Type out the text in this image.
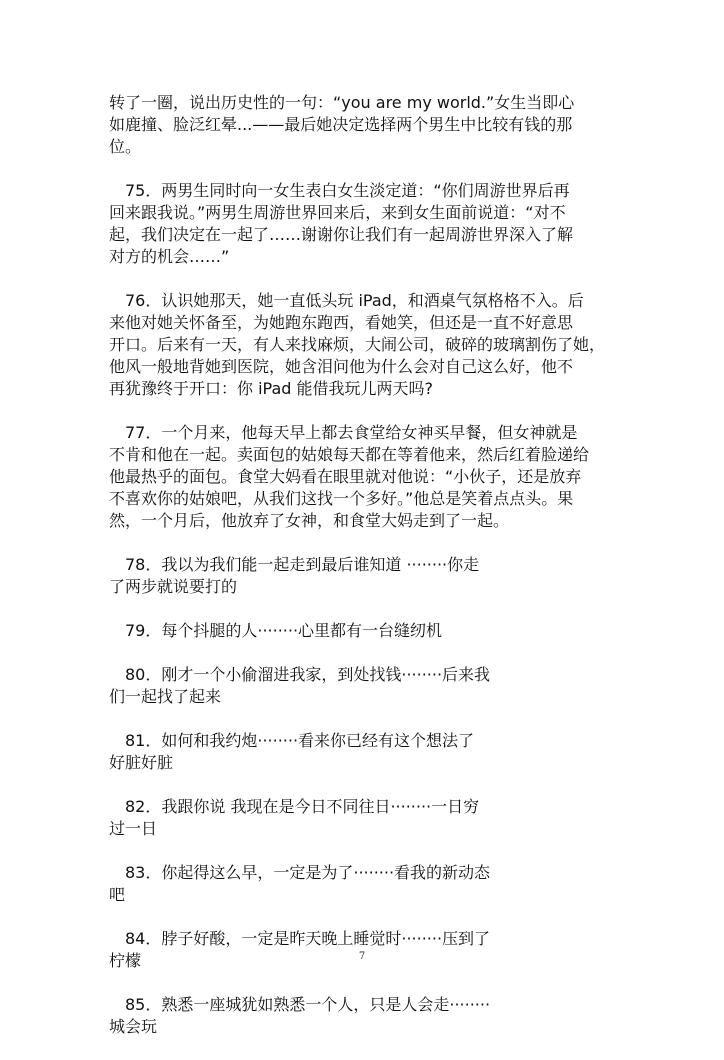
转了一圈，说出历史性的一句：“you are my world.”女生当即心
如鹿撞、脸泛红晕...——最后她决定选择两个男生中比较有钱的那
位。
　75．两男生同时向一女生表白女生淡定道：“你们周游世界后再
回来跟我说。”两男生周游世界回来后，来到女生面前说道：“对不
起，我们决定在一起了……谢谢你让我们有一起周游世界深入了解
对方的机会……”
　76．认识她那天，她一直低头玩 iPad，和酒桌气氛格格不入。后
来他对她关怀备至，为她跑东跑西，看她笑，但还是一直不好意思
开口。后来有一天，有人来找麻烦，大闹公司，破碎的玻璃割伤了她，
他风一般地背她到医院，她含泪问他为什么会对自己这么好，他不
再犹豫终于开口：你 iPad 能借我玩儿两天吗?
　77．一个月来，他每天早上都去食堂给女神买早餐，但女神就是
不肯和他在一起。卖面包的姑娘每天都在等着他来，然后红着脸递给
他最热乎的面包。食堂大妈看在眼里就对他说：“小伙子，还是放弃
不喜欢你的姑娘吧，从我们这找一个多好。”他总是笑着点点头。果
然，一个月后，他放弃了女神，和食堂大妈走到了一起。
　78．我以为我们能一起走到最后谁知道 ········你走
了两步就说要打的
　79．每个抖腿的人········心里都有一台缝纫机
　80．刚才一个小偷溜进我家，到处找钱········后来我
们一起找了起来
　81．如何和我约炮········看来你已经有这个想法了
好脏好脏
　82．我跟你说 我现在是今日不同往日········一日穷
过一日
　83．你起得这么早，一定是为了········看我的新动态
吧
　84．脖子好酸，一定是昨天晚上睡觉时········压到了
柠檬
　85．熟悉一座城犹如熟悉一个人，只是人会走········
城会玩
7
